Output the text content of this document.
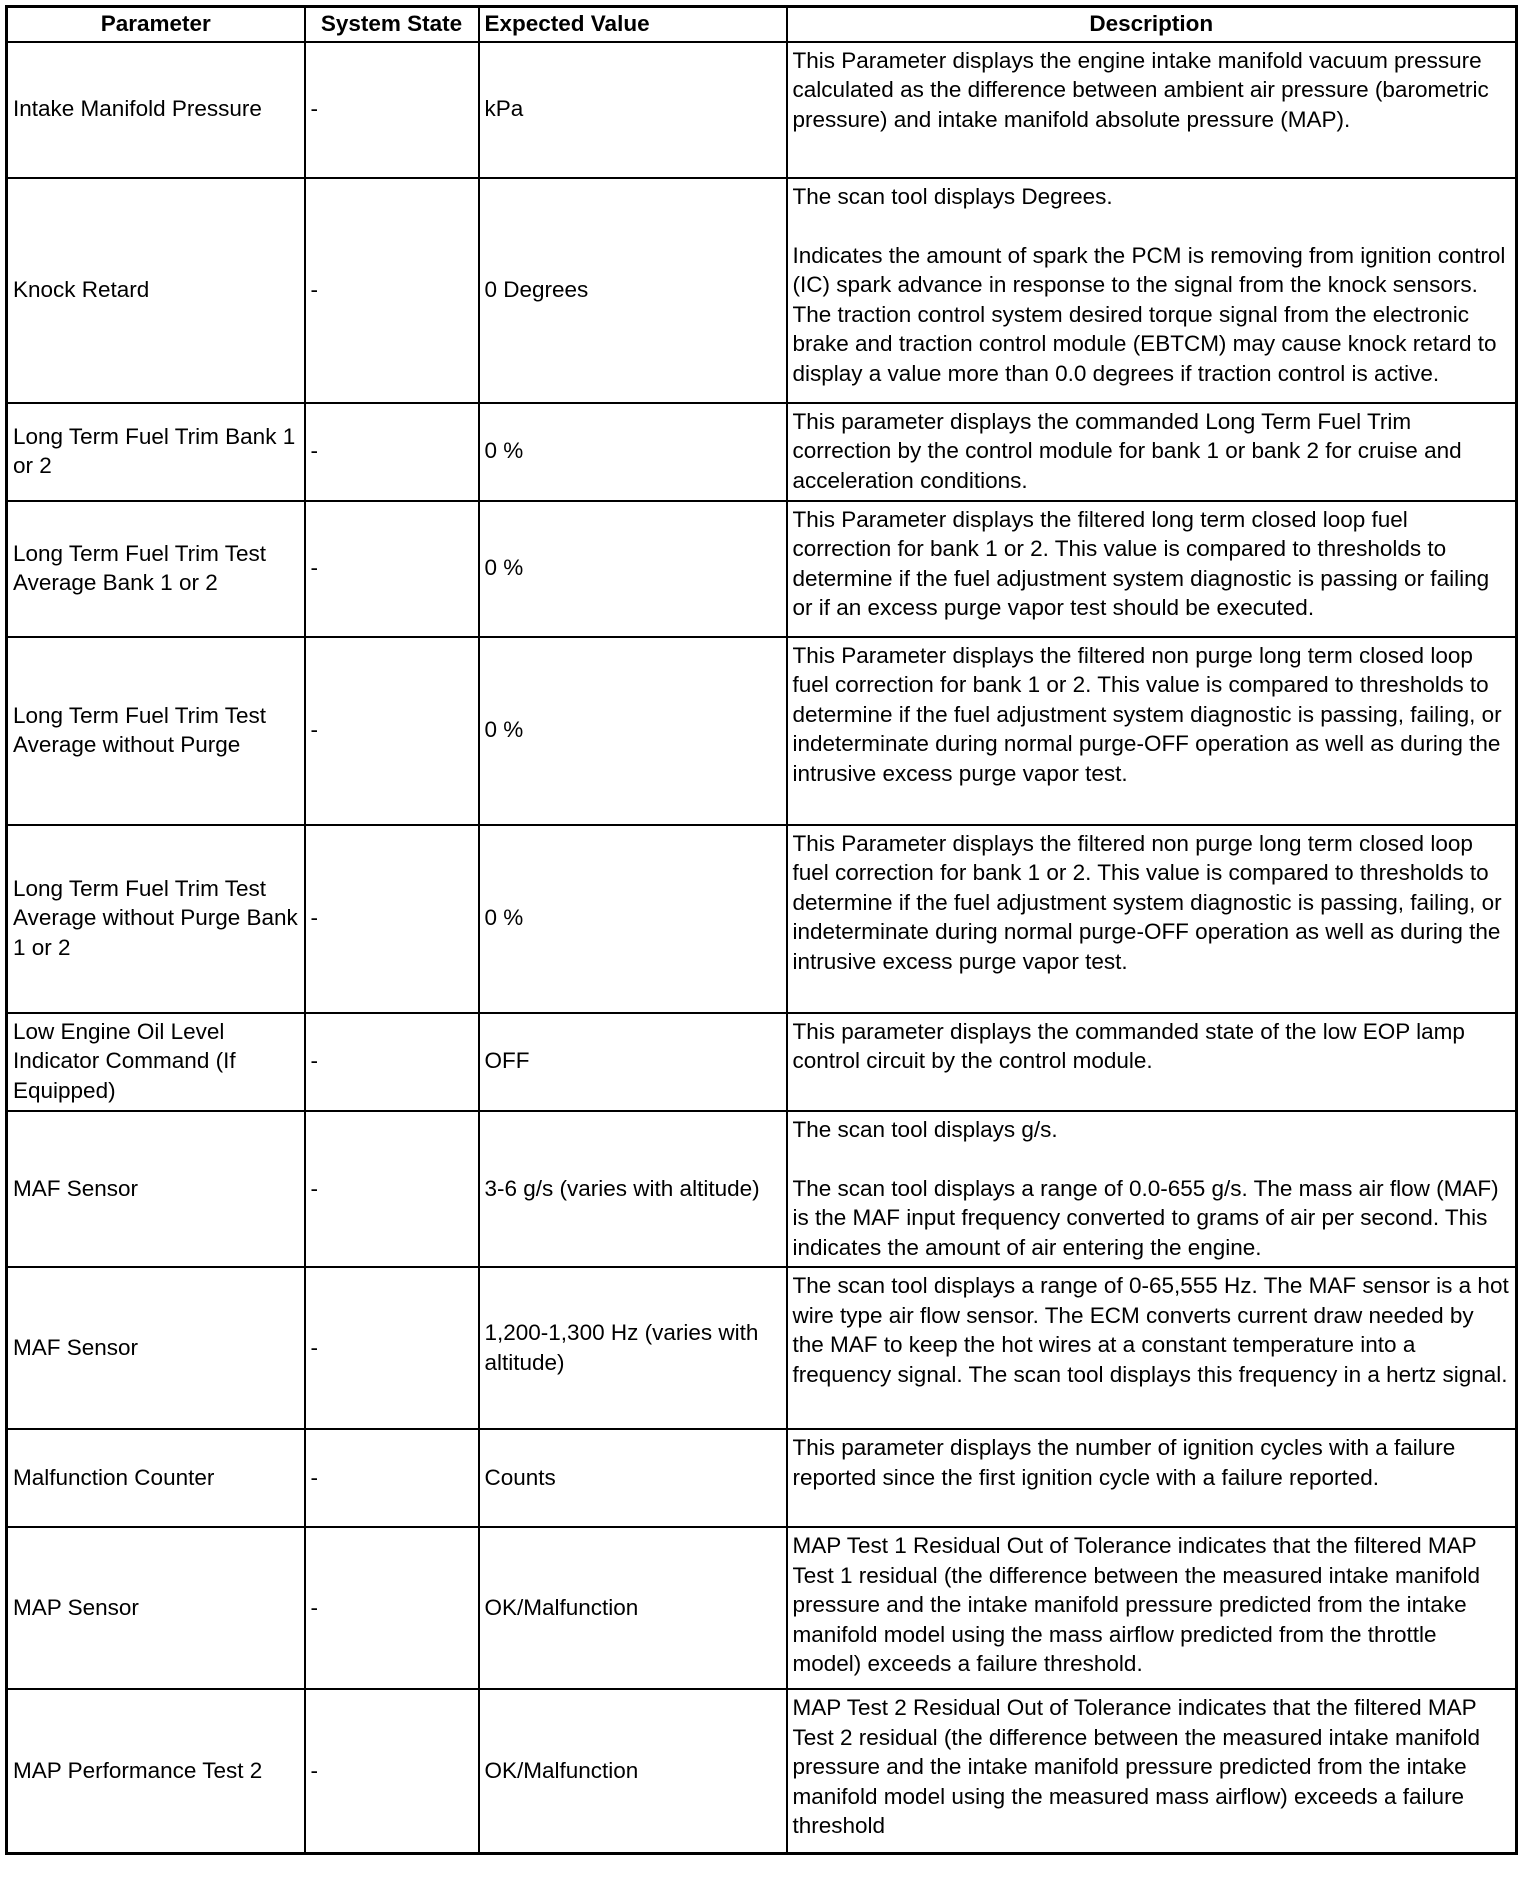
Parameter	System State	Expected Value	Description
Intake Manifold Pressure	-	kPa	This Parameter displays the engine intake manifold vacuum pressure calculated as the difference between ambient air pressure (barometric pressure) and intake manifold absolute pressure (MAP).

Knock Retard	-	0 Degrees	The scan tool displays Degrees.
Indicates the amount of spark the PCM is removing from ignition control (IC) spark advance in response to the signal from the knock sensors. The traction control system desired torque signal from the electronic brake and traction control module (EBTCM) may cause knock retard to display a value more than 0.0 degrees if traction control is active.

Long Term Fuel Trim Bank 1 or 2	-	0 %	This parameter displays the commanded Long Term Fuel Trim correction by the control module for bank 1 or bank 2 for cruise and acceleration conditions.

Long Term Fuel Trim Test Average Bank 1 or 2	-	0 %	This Parameter displays the filtered long term closed loop fuel correction for bank 1 or 2. This value is compared to thresholds to determine if the fuel adjustment system diagnostic is passing or failing or if an excess purge vapor test should be executed.

Long Term Fuel Trim Test Average without Purge	-	0 %	This Parameter displays the filtered non purge long term closed loop fuel correction for bank 1 or 2. This value is compared to thresholds to determine if the fuel adjustment system diagnostic is passing, failing, or indeterminate during normal purge-OFF operation as well as during the intrusive excess purge vapor test.

Long Term Fuel Trim Test Average without Purge Bank 1 or 2	-	0 %	This Parameter displays the filtered non purge long term closed loop fuel correction for bank 1 or 2. This value is compared to thresholds to determine if the fuel adjustment system diagnostic is passing, failing, or indeterminate during normal purge-OFF operation as well as during the intrusive excess purge vapor test.

Low Engine Oil Level Indicator Command (If Equipped)	-	OFF	This parameter displays the commanded state of the low EOP lamp control circuit by the control module.

MAF Sensor	-	3-6 g/s (varies with altitude)	The scan tool displays g/s.
The scan tool displays a range of 0.0-655 g/s. The mass air flow (MAF) is the MAF input frequency converted to grams of air per second. This indicates the amount of air entering the engine.

MAF Sensor	-	1,200-1,300 Hz (varies with altitude)	The scan tool displays a range of 0-65,555 Hz. The MAF sensor is a hot wire type air flow sensor. The ECM converts current draw needed by the MAF to keep the hot wires at a constant temperature into a frequency signal. The scan tool displays this frequency in a hertz signal.

Malfunction Counter	-	Counts	This parameter displays the number of ignition cycles with a failure reported since the first ignition cycle with a failure reported.

MAP Sensor	-	OK/Malfunction	MAP Test 1 Residual Out of Tolerance indicates that the filtered MAP Test 1 residual (the difference between the measured intake manifold pressure and the intake manifold pressure predicted from the intake manifold model using the mass airflow predicted from the throttle model) exceeds a failure threshold.

MAP Performance Test 2	-	OK/Malfunction	MAP Test 2 Residual Out of Tolerance indicates that the filtered MAP Test 2 residual (the difference between the measured intake manifold pressure and the intake manifold pressure predicted from the intake manifold model using the measured mass airflow) exceeds a failure threshold
